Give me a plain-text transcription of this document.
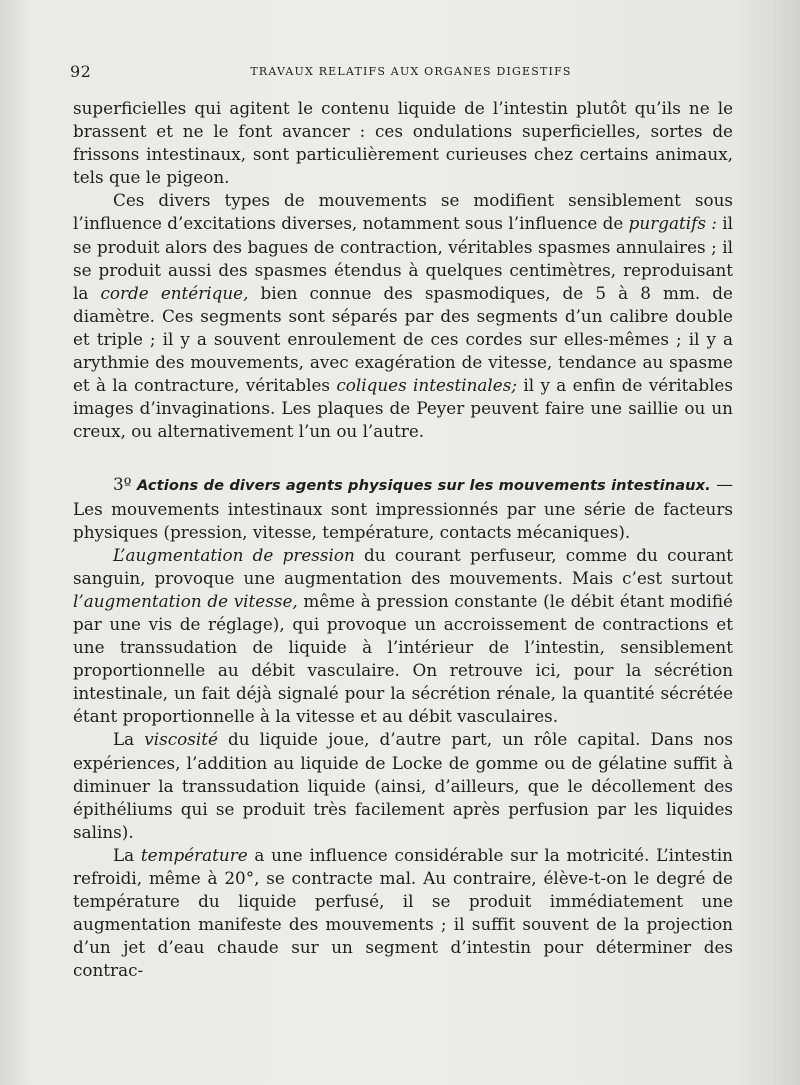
92	TRAVAUX RELATIFS AUX ORGANES DIGESTIFS

superficielles qui agitent le contenu liquide de l’intestin plutôt qu’ils ne le brassent et ne le font avancer : ces ondulations superficielles, sortes de frissons intestinaux, sont particulièrement curieuses chez certains animaux, tels que le pigeon.

Ces divers types de mouvements se modifient sensiblement sous l’influence d’excitations diverses, notamment sous l’influence de purgatifs : il se produit alors des bagues de contraction, véritables spasmes annulaires ; il se produit aussi des spasmes étendus à quelques centimètres, reproduisant la corde entérique, bien connue des spasmodiques, de 5 à 8 mm. de diamètre. Ces segments sont séparés par des segments d’un calibre double et triple ; il y a souvent enroulement de ces cordes sur elles-mêmes ; il y a arythmie des mouvements, avec exagération de vitesse, tendance au spasme et à la contracture, véritables coliques intestinales; il y a enfin de véritables images d’invaginations. Les plaques de Peyer peuvent faire une saillie ou un creux, ou alternativement l’un ou l’autre.

3º Actions de divers agents physiques sur les mouvements intestinaux. — Les mouvements intestinaux sont impressionnés par une série de facteurs physiques (pression, vitesse, température, contacts mécaniques).

L’augmentation de pression du courant perfuseur, comme du courant sanguin, provoque une augmentation des mouvements. Mais c’est surtout l’augmentation de vitesse, même à pression constante (le débit étant modifié par une vis de réglage), qui provoque un accroissement de contractions et une transsudation de liquide à l’intérieur de l’intestin, sensiblement proportionnelle au débit vasculaire. On retrouve ici, pour la sécrétion intestinale, un fait déjà signalé pour la sécrétion rénale, la quantité sécrétée étant proportionnelle à la vitesse et au débit vasculaires.

La viscosité du liquide joue, d’autre part, un rôle capital. Dans nos expériences, l’addition au liquide de Locke de gomme ou de gélatine suffit à diminuer la transsudation liquide (ainsi, d’ailleurs, que le décollement des épithéliums qui se produit très facilement après perfusion par les liquides salins).

La température a une influence considérable sur la motricité. L’intestin refroidi, même à 20°, se contracte mal. Au contraire, élève-t-on le degré de température du liquide perfusé, il se produit immédiatement une augmentation manifeste des mouvements ; il suffit souvent de la projection d’un jet d’eau chaude sur un segment d’intestin pour déterminer des contrac-
